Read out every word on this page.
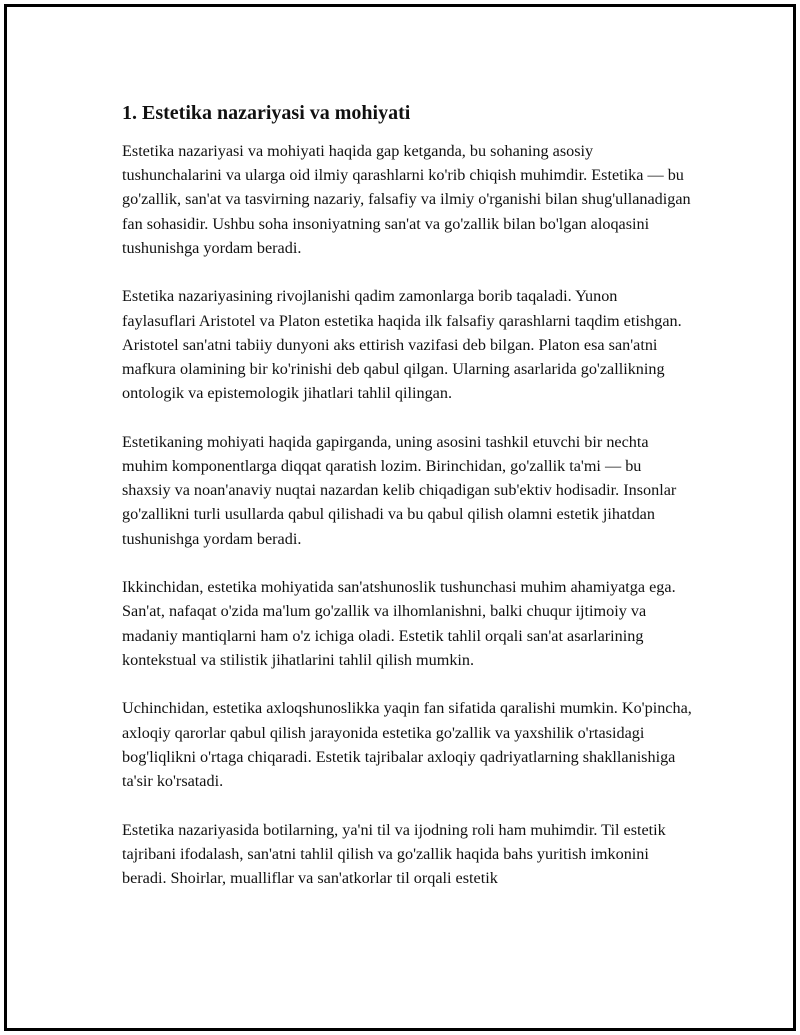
1. Estetika nazariyasi va mohiyati

Estetika nazariyasi va mohiyati haqida gap ketganda, bu sohaning asosiy tushunchalarini va ularga oid ilmiy qarashlarni ko'rib chiqish muhimdir. Estetika — bu go'zallik, san'at va tasvirning nazariy, falsafiy va ilmiy o'rganishi bilan shug'ullanadigan fan sohasidir. Ushbu soha insoniyatning san'at va go'zallik bilan bo'lgan aloqasini tushunishga yordam beradi.

Estetika nazariyasining rivojlanishi qadim zamonlarga borib taqaladi. Yunon faylasuflari Aristotel va Platon estetika haqida ilk falsafiy qarashlarni taqdim etishgan. Aristotel san'atni tabiiy dunyoni aks ettirish vazifasi deb bilgan. Platon esa san'atni mafkura olamining bir ko'rinishi deb qabul qilgan. Ularning asarlarida go'zallikning ontologik va epistemologik jihatlari tahlil qilingan.

Estetikaning mohiyati haqida gapirganda, uning asosini tashkil etuvchi bir nechta muhim komponentlarga diqqat qaratish lozim. Birinchidan, go'zallik ta'mi — bu shaxsiy va noan'anaviy nuqtai nazardan kelib chiqadigan sub'ektiv hodisadir. Insonlar go'zallikni turli usullarda qabul qilishadi va bu qabul qilish olamni estetik jihatdan tushunishga yordam beradi.

Ikkinchidan, estetika mohiyatida san'atshunoslik tushunchasi muhim ahamiyatga ega. San'at, nafaqat o'zida ma'lum go'zallik va ilhomlanishni, balki chuqur ijtimoiy va madaniy mantiqlarni ham o'z ichiga oladi. Estetik tahlil orqali san'at asarlarining kontekstual va stilistik jihatlarini tahlil qilish mumkin.

Uchinchidan, estetika axloqshunoslikka yaqin fan sifatida qaralishi mumkin. Ko'pincha, axloqiy qarorlar qabul qilish jarayonida estetika go'zallik va yaxshilik o'rtasidagi bog'liqlikni o'rtaga chiqaradi. Estetik tajribalar axloqiy qadriyatlarning shakllanishiga ta'sir ko'rsatadi.

Estetika nazariyasida botilarning, ya'ni til va ijodning roli ham muhimdir. Til estetik tajribani ifodalash, san'atni tahlil qilish va go'zallik haqida bahs yuritish imkonini beradi. Shoirlar, mualliflar va san'atkorlar til orqali estetik
